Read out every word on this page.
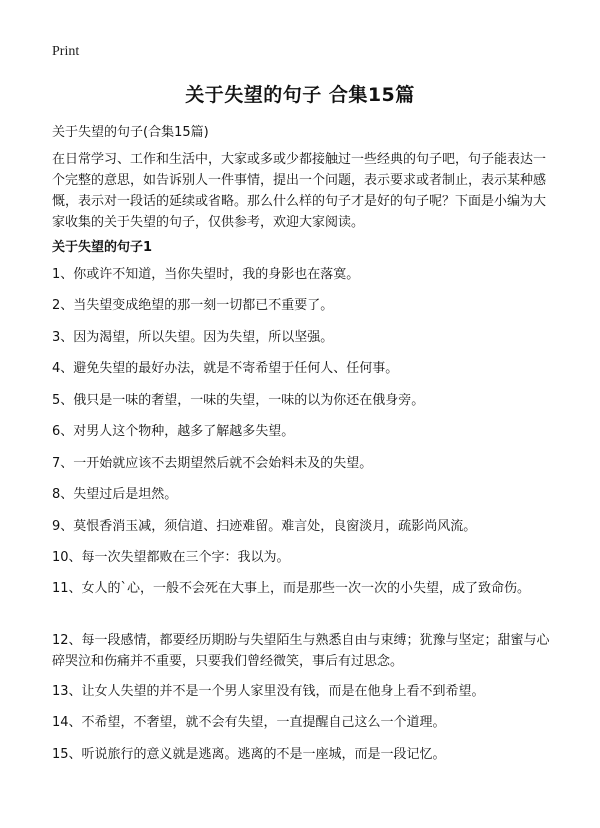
Print
关于失望的句子 合集15篇
关于失望的句子(合集15篇)

在日常学习、工作和生活中，大家或多或少都接触过一些经典的句子吧，句子能表达一个完整的意思，如告诉别人一件事情，提出一个问题，表示要求或者制止，表示某种感慨，表示对一段话的延续或省略。那么什么样的句子才是好的句子呢？下面是小编为大家收集的关于失望的句子，仅供参考，欢迎大家阅读。

关于失望的句子1
1、你或许不知道，当你失望时，我的身影也在落寞。
2、当失望变成绝望的那一刻一切都已不重要了。
3、因为渴望，所以失望。因为失望，所以坚强。
4、避免失望的最好办法，就是不寄希望于任何人、任何事。
5、俄只是一味的奢望，一味的失望，一味的以为你还在俄身旁。
6、对男人这个物种，越多了解越多失望。
7、一开始就应该不去期望然后就不会始料未及的失望。
8、失望过后是坦然。
9、莫恨香消玉减，须信道、扫迹难留。难言处，良窗淡月，疏影尚风流。
10、每一次失望都败在三个字：我以为。
11、女人的`心，一般不会死在大事上，而是那些一次一次的小失望，成了致命伤。
12、每一段感情，都要经历期盼与失望陌生与熟悉自由与束缚；犹豫与坚定；甜蜜与心碎哭泣和伤痛并不重要，只要我们曾经微笑，事后有过思念。
13、让女人失望的并不是一个男人家里没有钱，而是在他身上看不到希望。
14、不希望，不奢望，就不会有失望，一直提醒自己这么一个道理。
15、听说旅行的意义就是逃离。逃离的不是一座城，而是一段记忆。
